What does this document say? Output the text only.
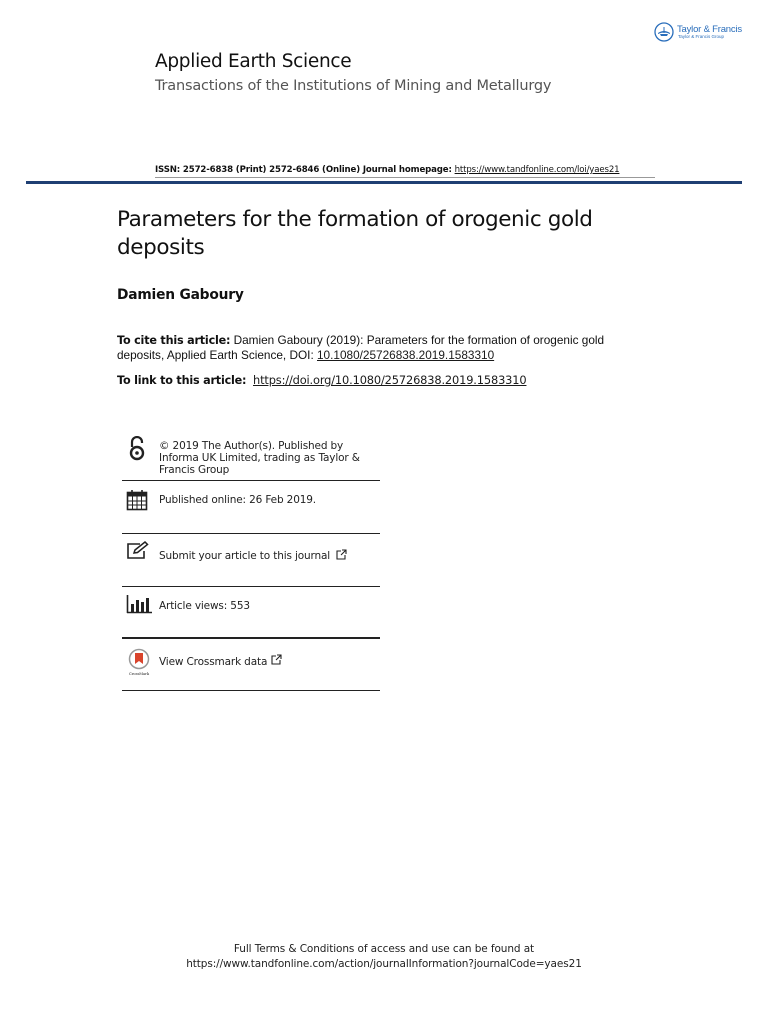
Taylor & Francis
Taylor & Francis Group
Applied Earth Science
Transactions of the Institutions of Mining and Metallurgy
ISSN: 2572-6838 (Print) 2572-6846 (Online) Journal homepage: https://www.tandfonline.com/loi/yaes21
Parameters for the formation of orogenic gold deposits
Damien Gaboury
To cite this article: Damien Gaboury (2019): Parameters for the formation of orogenic gold deposits, Applied Earth Science, DOI: 10.1080/25726838.2019.1583310
To link to this article: https://doi.org/10.1080/25726838.2019.1583310
© 2019 The Author(s). Published by Informa UK Limited, trading as Taylor & Francis Group
Published online: 26 Feb 2019.
Submit your article to this journal
Article views: 553
CrossMark
View Crossmark data
Full Terms & Conditions of access and use can be found at
https://www.tandfonline.com/action/journalInformation?journalCode=yaes21
